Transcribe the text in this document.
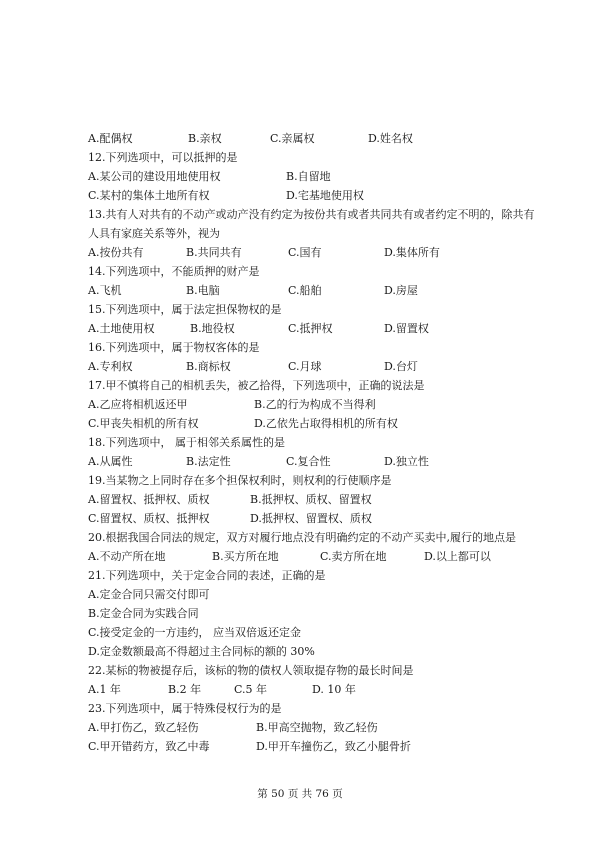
A.配偶权	B.亲权	C.亲属权	D.姓名权
12.下列选项中，可以抵押的是
A.某公司的建设用地使用权	B.自留地
C.某村的集体土地所有权	D.宅基地使用权
13.共有人对共有的不动产或动产没有约定为按份共有或者共同共有或者约定不明的，除共有
人具有家庭关系等外，视为
A.按份共有	B.共同共有	C.国有	D.集体所有
14.下列选项中，不能质押的财产是
A.飞机	B.电脑	C.船舶	D.房屋
15.下列选项中，属于法定担保物权的是
A.土地使用权	B.地役权	C.抵押权	D.留置权
16.下列选项中，属于物权客体的是
A.专利权	B.商标权	C.月球	D.台灯
17.甲不慎将自己的相机丢失，被乙拾得，下列选项中，正确的说法是
A.乙应将相机返还甲	B.乙的行为构成不当得利
C.甲丧失相机的所有权	D.乙依先占取得相机的所有权
18.下列选项中， 属于相邻关系属性的是
A.从属性	B.法定性	C.复合性	D.独立性
19.当某物之上同时存在多个担保权利时，则权利的行使顺序是
A.留置权、抵押权、质权	B.抵押权、质权、留置权
C.留置权、质权、抵押权	D.抵押权、留置权、质权
20.根据我国合同法的规定，双方对履行地点没有明确约定的不动产买卖中,履行的地点是
A.不动产所在地	B.买方所在地	C.卖方所在地	D.以上都可以
21.下列选项中，关于定金合同的表述，正确的是
A.定金合同只需交付即可
B.定金合同为实践合同
C.接受定金的一方违约， 应当双倍返还定金
D.定金数额最高不得超过主合同标的额的 30%
22.某标的物被提存后，该标的物的债权人领取提存物的最长时间是
A.1 年	B.2 年	C.5 年	D. 10 年
23.下列选项中，属于特殊侵权行为的是
A.甲打伤乙，致乙轻伤	B.甲高空抛物，致乙轻伤
C.甲开错药方，致乙中毒	D.甲开车撞伤乙，致乙小腿骨折
第 50 页 共 76 页
